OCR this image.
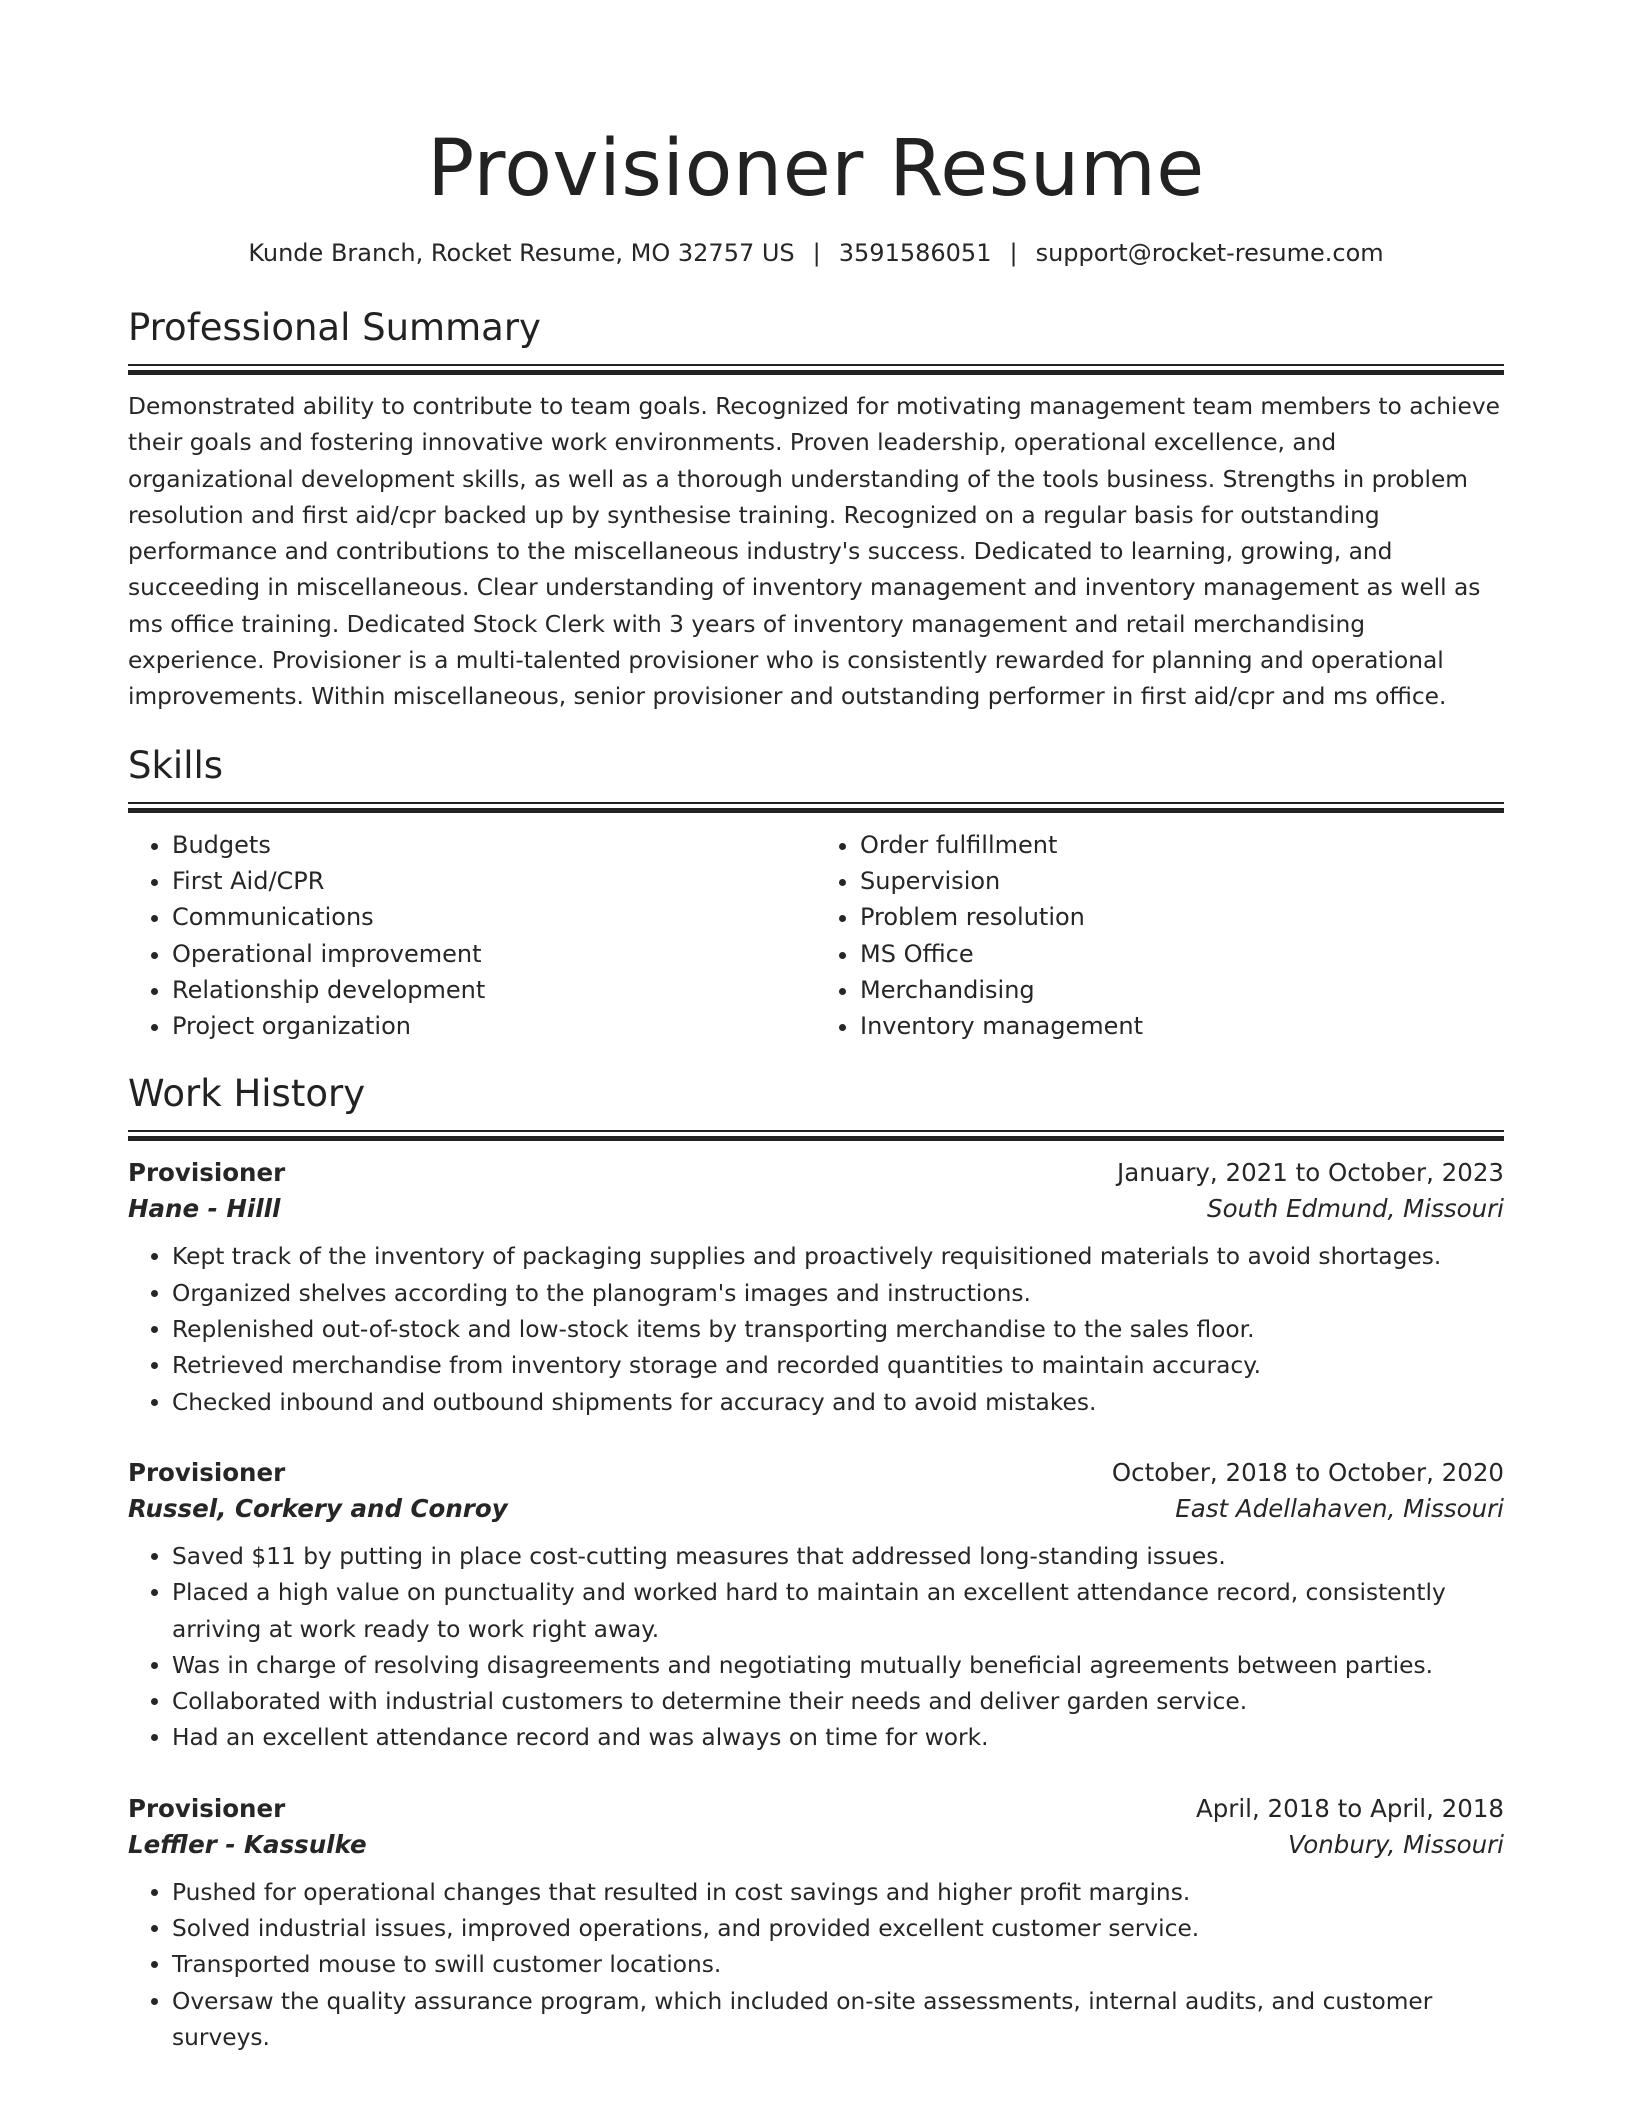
Provisioner Resume
Kunde Branch, Rocket Resume, MO 32757 US | 3591586051 | support@rocket-resume.com
Professional Summary

Demonstrated ability to contribute to team goals. Recognized for motivating management team members to achieve their goals and fostering innovative work environments. Proven leadership, operational excellence, and organizational development skills, as well as a thorough understanding of the tools business. Strengths in problem resolution and first aid/cpr backed up by synthesise training. Recognized on a regular basis for outstanding performance and contributions to the miscellaneous industry's success. Dedicated to learning, growing, and succeeding in miscellaneous. Clear understanding of inventory management and inventory management as well as ms office training. Dedicated Stock Clerk with 3 years of inventory management and retail merchandising experience. Provisioner is a multi-talented provisioner who is consistently rewarded for planning and operational improvements. Within miscellaneous, senior provisioner and outstanding performer in first aid/cpr and ms office.

Skills
• Budgets
• First Aid/CPR
• Communications
• Operational improvement
• Relationship development
• Project organization
• Order fulfillment
• Supervision
• Problem resolution
• MS Office
• Merchandising
• Inventory management
Work History
Provisioner	January, 2021 to October, 2023
Hane - Hilll	South Edmund, Missouri
• Kept track of the inventory of packaging supplies and proactively requisitioned materials to avoid shortages.
• Organized shelves according to the planogram's images and instructions.
• Replenished out-of-stock and low-stock items by transporting merchandise to the sales floor.
• Retrieved merchandise from inventory storage and recorded quantities to maintain accuracy.
• Checked inbound and outbound shipments for accuracy and to avoid mistakes.
Provisioner	October, 2018 to October, 2020
Russel, Corkery and Conroy	East Adellahaven, Missouri
• Saved $11 by putting in place cost-cutting measures that addressed long-standing issues.
• Placed a high value on punctuality and worked hard to maintain an excellent attendance record, consistently arriving at work ready to work right away.
• Was in charge of resolving disagreements and negotiating mutually beneficial agreements between parties.
• Collaborated with industrial customers to determine their needs and deliver garden service.
• Had an excellent attendance record and was always on time for work.
Provisioner	April, 2018 to April, 2018
Leffler - Kassulke	Vonbury, Missouri
• Pushed for operational changes that resulted in cost savings and higher profit margins.
• Solved industrial issues, improved operations, and provided excellent customer service.
• Transported mouse to swill customer locations.
• Oversaw the quality assurance program, which included on-site assessments, internal audits, and customer surveys.
